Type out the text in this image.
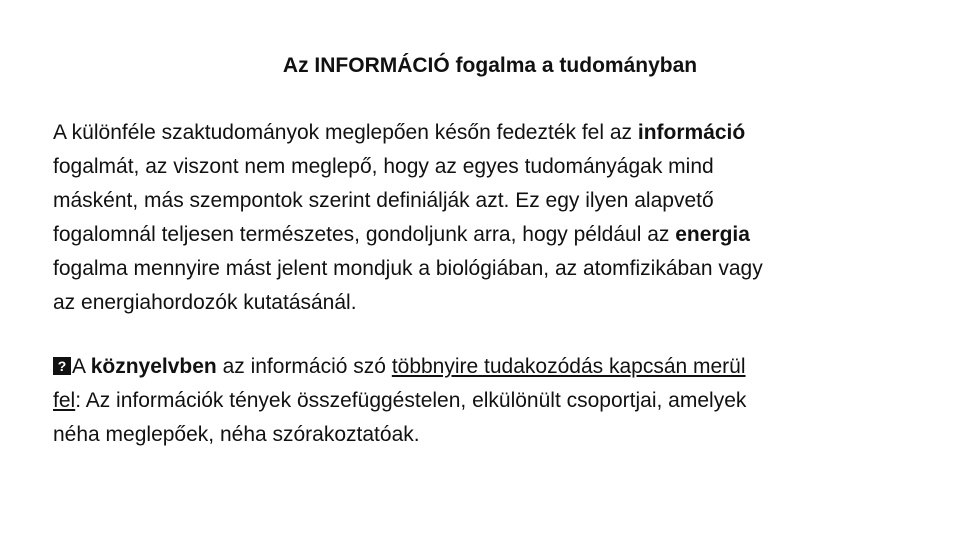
Az INFORMÁCIÓ fogalma a tudományban
A különféle szaktudományok meglepően későn fedezték fel az információ
fogalmát, az viszont nem meglepő, hogy az egyes tudományágak mind
másként, más szempontok szerint definiálják azt. Ez egy ilyen alapvető
fogalomnál teljesen természetes, gondoljunk arra, hogy például az energia
fogalma mennyire mást jelent mondjuk a biológiában, az atomfizikában vagy
az energiahordozók kutatásánál.
?A köznyelvben az információ szó többnyire tudakozódás kapcsán merül
fel: Az információk tények összefüggéstelen, elkülönült csoportjai, amelyek
néha meglepőek, néha szórakoztatóak.
